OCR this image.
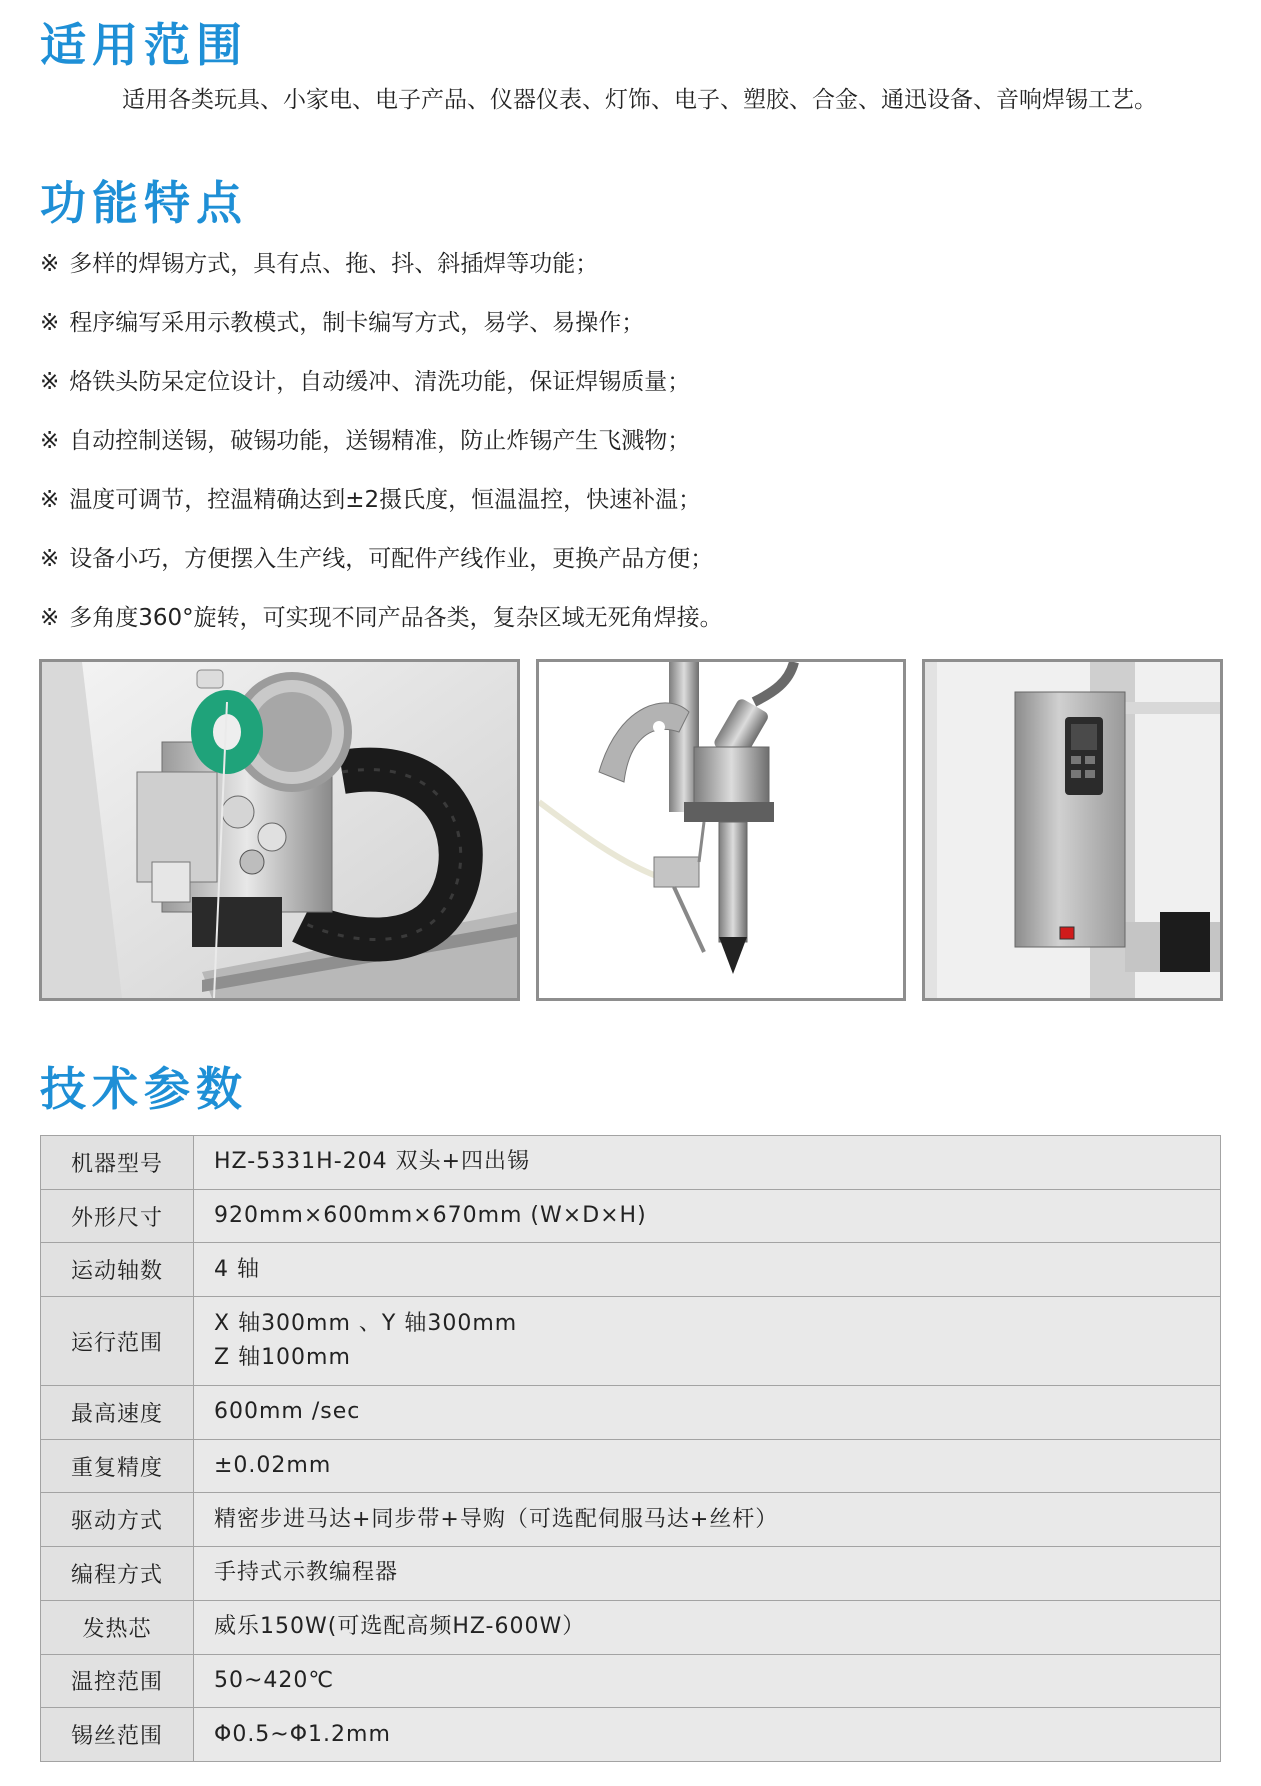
适用范围

适用各类玩具、小家电、电子产品、仪器仪表、灯饰、电子、塑胶、合金、通迅设备、音响焊锡工艺。

功能特点
※ 多样的焊锡方式，具有点、拖、抖、斜插焊等功能；
※ 程序编写采用示教模式，制卡编写方式，易学、易操作；
※ 烙铁头防呆定位设计，自动缓冲、清洗功能，保证焊锡质量；
※ 自动控制送锡，破锡功能，送锡精准，防止炸锡产生飞溅物；
※ 温度可调节，控温精确达到±2摄氏度，恒温温控，快速补温；
※ 设备小巧，方便摆入生产线，可配件产线作业，更换产品方便；
※ 多角度360°旋转，可实现不同产品各类，复杂区域无死角焊接。
技术参数
机器型号	HZ-5331H-204 双头+四出锡

外形尺寸	920mm×600mm×670mm (W×D×H)

运动轴数	4 轴

运行范围	X 轴300mm 、Y 轴300mm
Z 轴100mm

最高速度	600mm /sec

重复精度	±0.02mm

驱动方式	精密步进马达+同步带+导购（可选配伺服马达+丝杆）

编程方式	手持式示教编程器

发热芯	威乐150W(可选配高频HZ-600W）

温控范围	50~420℃

锡丝范围	Φ0.5~Φ1.2mm
